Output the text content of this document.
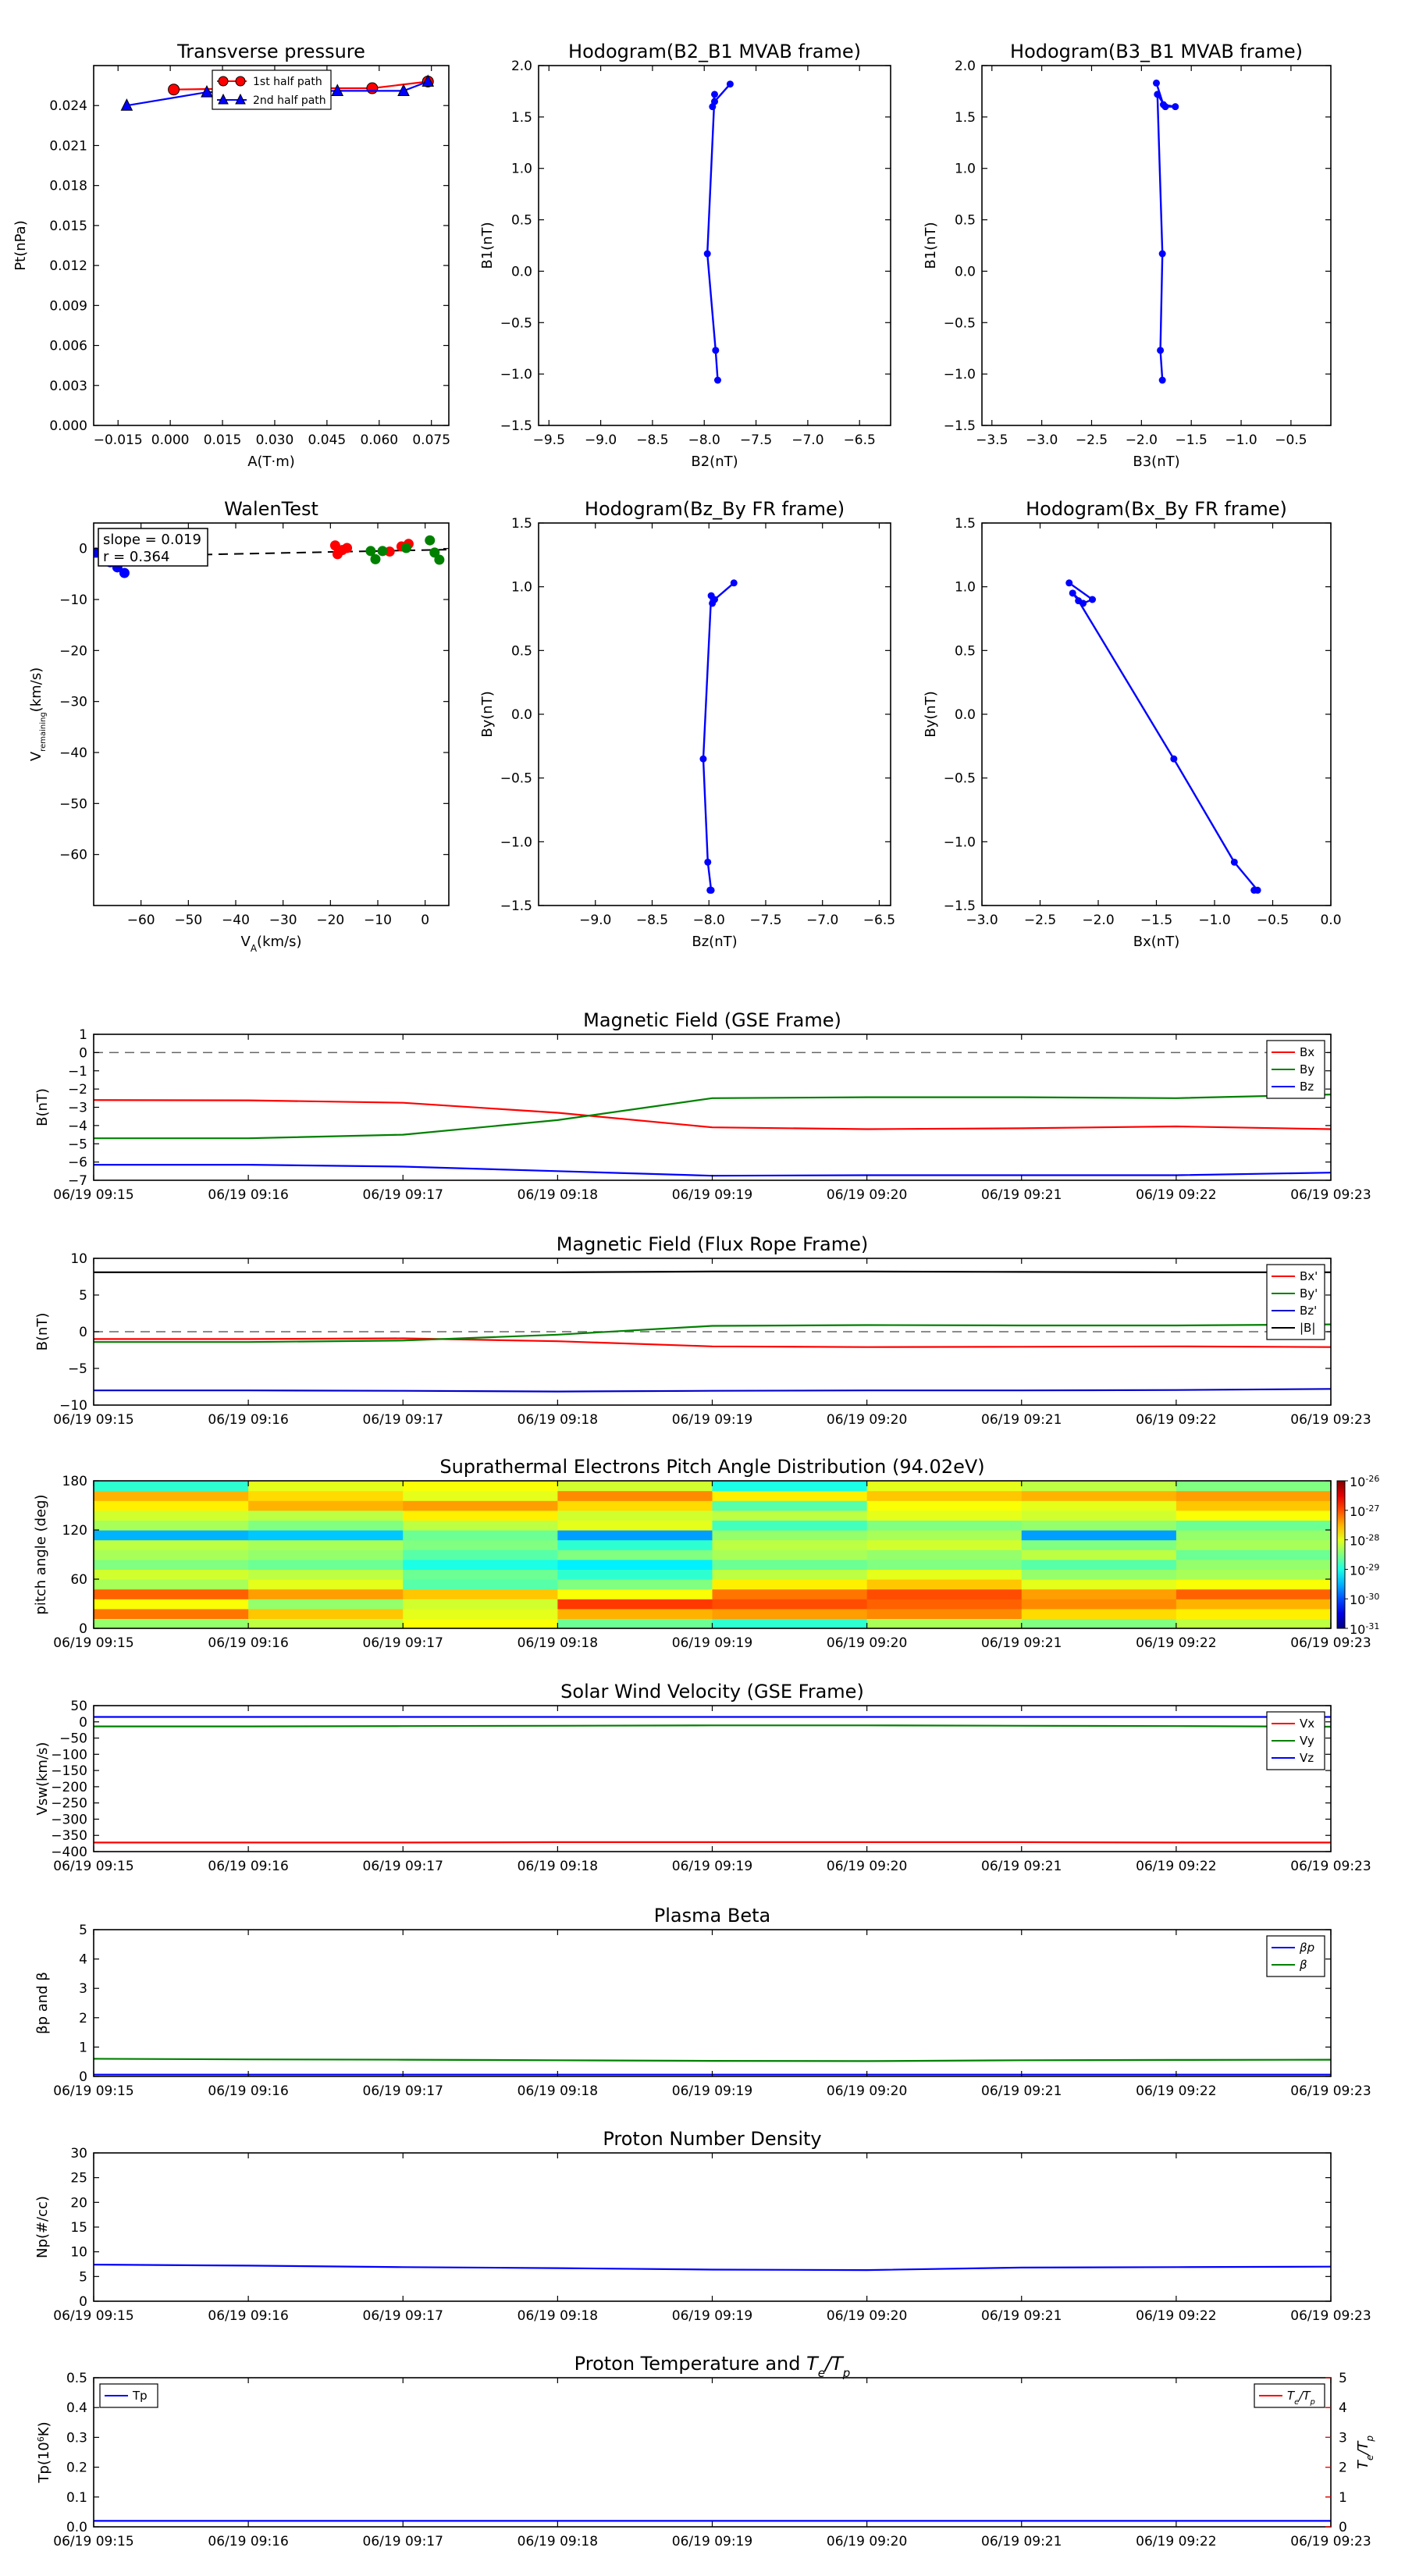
Transverse pressure
0.000
0.003
0.006
0.009
0.012
0.015
0.018
0.021
0.024
−0.015 0.000 0.015 0.030 0.045 0.060 0.075
A(T·m)
Pt(nPa)
1st half path
2nd half path
Hodogram(B2_B1 MVAB frame)
−1.5
−1.0
−0.5
0.0
0.5
1.0
1.5
2.0
−9.5 −9.0 −8.5 −8.0 −7.5 −7.0 −6.5
B2(nT)
B1(nT)
Hodogram(B3_B1 MVAB frame)
−1.5
−1.0
−0.5
0.0
0.5
1.0
1.5
2.0
−3.5 −3.0 −2.5 −2.0 −1.5 −1.0 −0.5
B3(nT)
B1(nT)
WalenTest
−60
−50
−40
−30
−20
−10
0
−60 −50 −40 −30 −20 −10 0
slope = 0.019
r = 0.364
$V_A(km/s)$
$V_{remaining}(km/s)$
Hodogram(Bz_By FR frame)
−1.5
−1.0
−0.5
0.0
0.5
1.0
1.5
−9.0 −8.5 −8.0 −7.5 −7.0 −6.5
Bz(nT)
By(nT)
Hodogram(Bx_By FR frame)
−1.5
−1.0
−0.5
0.0
0.5
1.0
1.5
−3.0 −2.5 −2.0 −1.5 −1.0 −0.5 0.0
Bx(nT)
By(nT)
Magnetic Field (GSE Frame)
−7
−6
−5
−4
−3
−2
−1
0
1
06/19 09:15	06/19 09:16	06/19 09:17	06/19 09:18	06/19 09:19	06/19 09:20	06/19 09:21	06/19 09:22	06/19 09:23
B(nT)
Bx
By
Bz
Magnetic Field (Flux Rope Frame)
−10
−5
0
5
10
06/19 09:15	06/19 09:16	06/19 09:17	06/19 09:18	06/19 09:19	06/19 09:20	06/19 09:21	06/19 09:22	06/19 09:23
B(nT)
Bx'
By'
Bz'
|B|
Suprathermal Electrons Pitch Angle Distribution (94.02eV)
0
60
120
180
06/19 09:15	06/19 09:16	06/19 09:17	06/19 09:18	06/19 09:19	06/19 09:20	06/19 09:21	06/19 09:22	06/19 09:23
pitch angle (deg)
$10^{-26}$
$10^{-27}$
$10^{-28}$
$10^{-29}$
$10^{-30}$
$10^{-31}$
Solar Wind Velocity (GSE Frame)
−400
−350
−300
−250
−200
−150
−100
−50
0
50
06/19 09:15	06/19 09:16	06/19 09:17	06/19 09:18	06/19 09:19	06/19 09:20	06/19 09:21	06/19 09:22	06/19 09:23
Vsw(km/s)
Vx
Vy
Vz
Plasma Beta
0
1
2
3
4
5
06/19 09:15	06/19 09:16	06/19 09:17	06/19 09:18	06/19 09:19	06/19 09:20	06/19 09:21	06/19 09:22	06/19 09:23
βp and β
βp
β
Proton Number Density
0
5
10
15
20
25
30
06/19 09:15	06/19 09:16	06/19 09:17	06/19 09:18	06/19 09:19	06/19 09:20	06/19 09:21	06/19 09:22	06/19 09:23
Np(#/cc)
Proton Temperature and $T_e/T_p$
0.0
0.1
0.2
0.3
0.4
0.5
06/19 09:15	06/19 09:16	06/19 09:17	06/19 09:18	06/19 09:19	06/19 09:20	06/19 09:21	06/19 09:22	06/19 09:23
0
1
2
3
4
5
$Tp(10^6K)$
$T_e/T_p$
Tp	$T_e/T_p$
